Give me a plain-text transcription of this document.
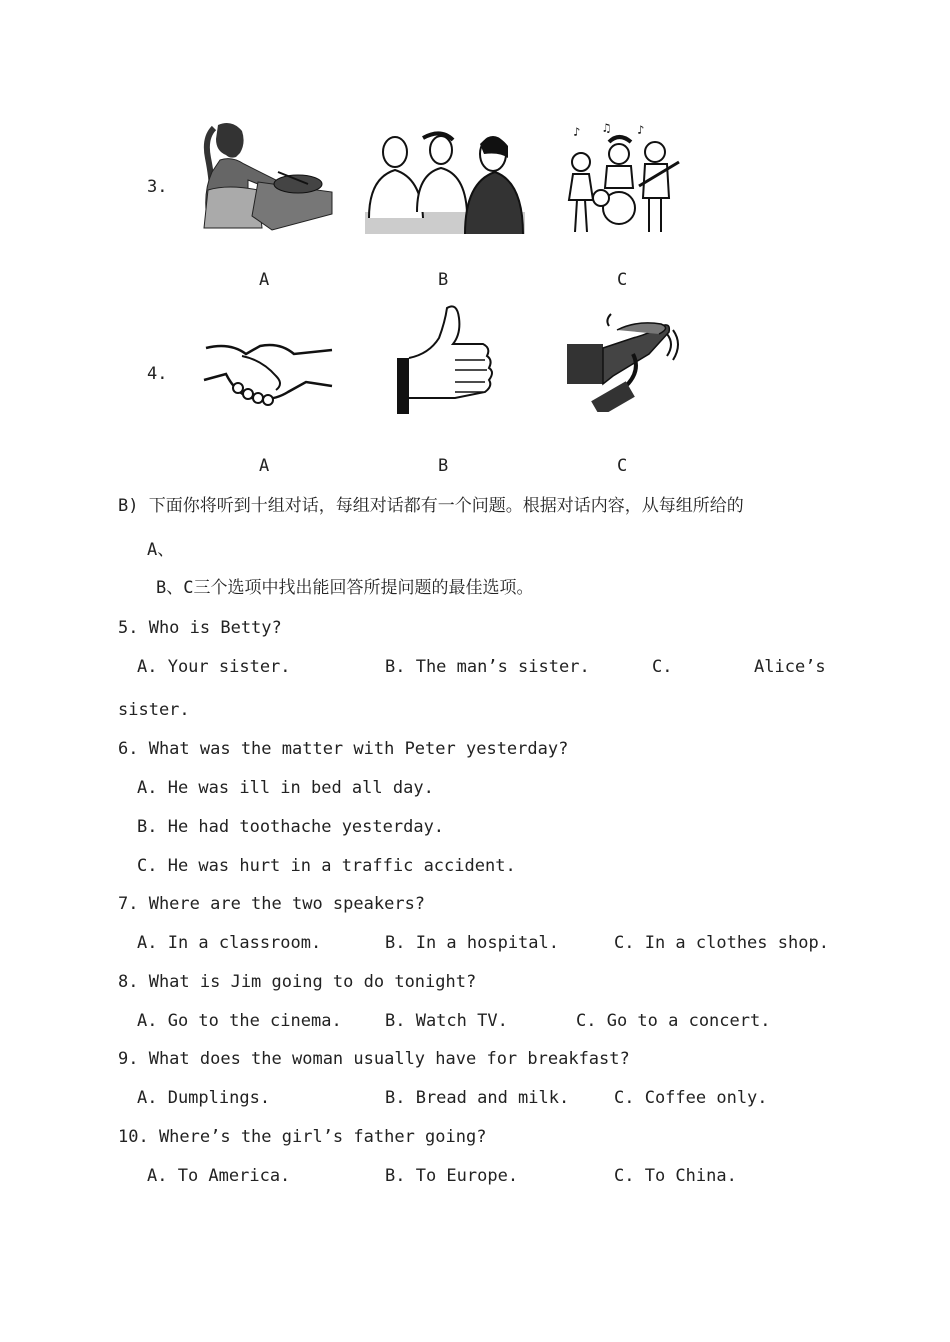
3.
♪ ♫ ♪
A	B	C
4.
A	B	C
B) 下面你将听到十组对话，每组对话都有一个问题。根据对话内容，从每组所给的
A、
B、C三个选项中找出能回答所提问题的最佳选项。
5. Who is Betty?
A. Your sister.	B. The man’s sister.	C.	Alice’s
sister.
6. What was the matter with Peter yesterday?
A. He was ill in bed all day.
B. He had toothache yesterday.
C. He was hurt in a traffic accident.
7. Where are the two speakers?
A. In a classroom.	B. In a hospital.	C. In a clothes shop.
8. What is Jim going to do tonight?
A. Go to the cinema.	B. Watch TV.	C. Go to a concert.
9. What does the woman usually have for breakfast?
A. Dumplings.	B. Bread and milk.	C. Coffee only.
10. Where’s the girl’s father going?
A. To America.	B. To Europe.	C. To China.
